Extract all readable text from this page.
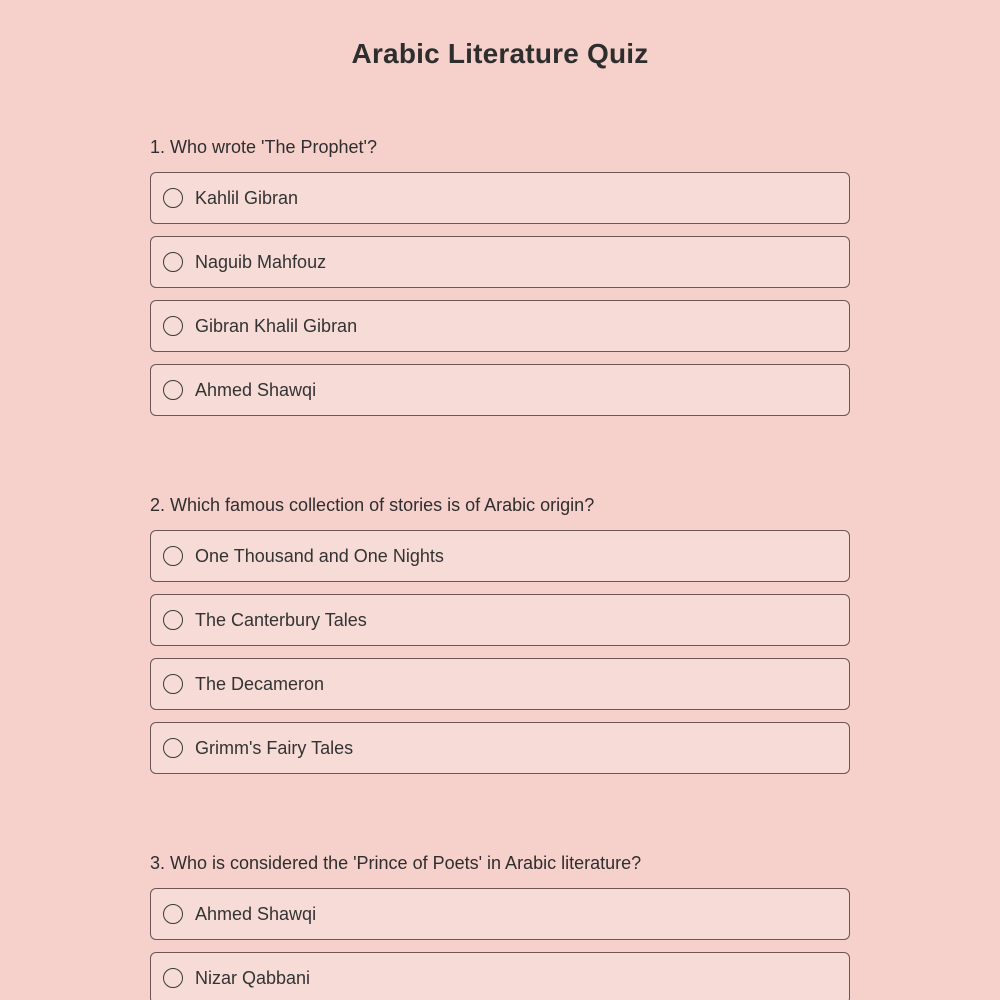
Arabic Literature Quiz
1. Who wrote 'The Prophet'?
Kahlil Gibran
Naguib Mahfouz
Gibran Khalil Gibran
Ahmed Shawqi
2. Which famous collection of stories is of Arabic origin?
One Thousand and One Nights
The Canterbury Tales
The Decameron
Grimm's Fairy Tales
3. Who is considered the 'Prince of Poets' in Arabic literature?
Ahmed Shawqi
Nizar Qabbani
